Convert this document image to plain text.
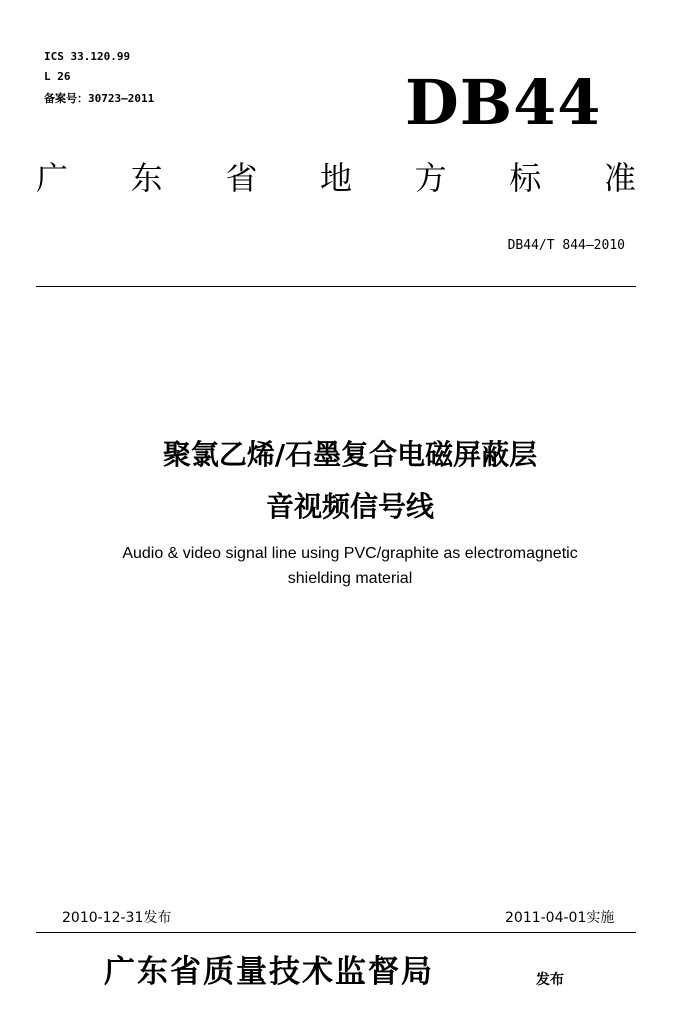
ICS 33.120.99
L 26
备案号：30723—2011	DB44
广 东 省 地 方 标 准
DB44/T 844—2010
聚氯乙烯/石墨复合电磁屏蔽层
音视频信号线
Audio & video signal line using PVC/graphite as electromagnetic
shielding material
2010-12-31发布	2011-04-01实施
广东省质量技术监督局	发布
